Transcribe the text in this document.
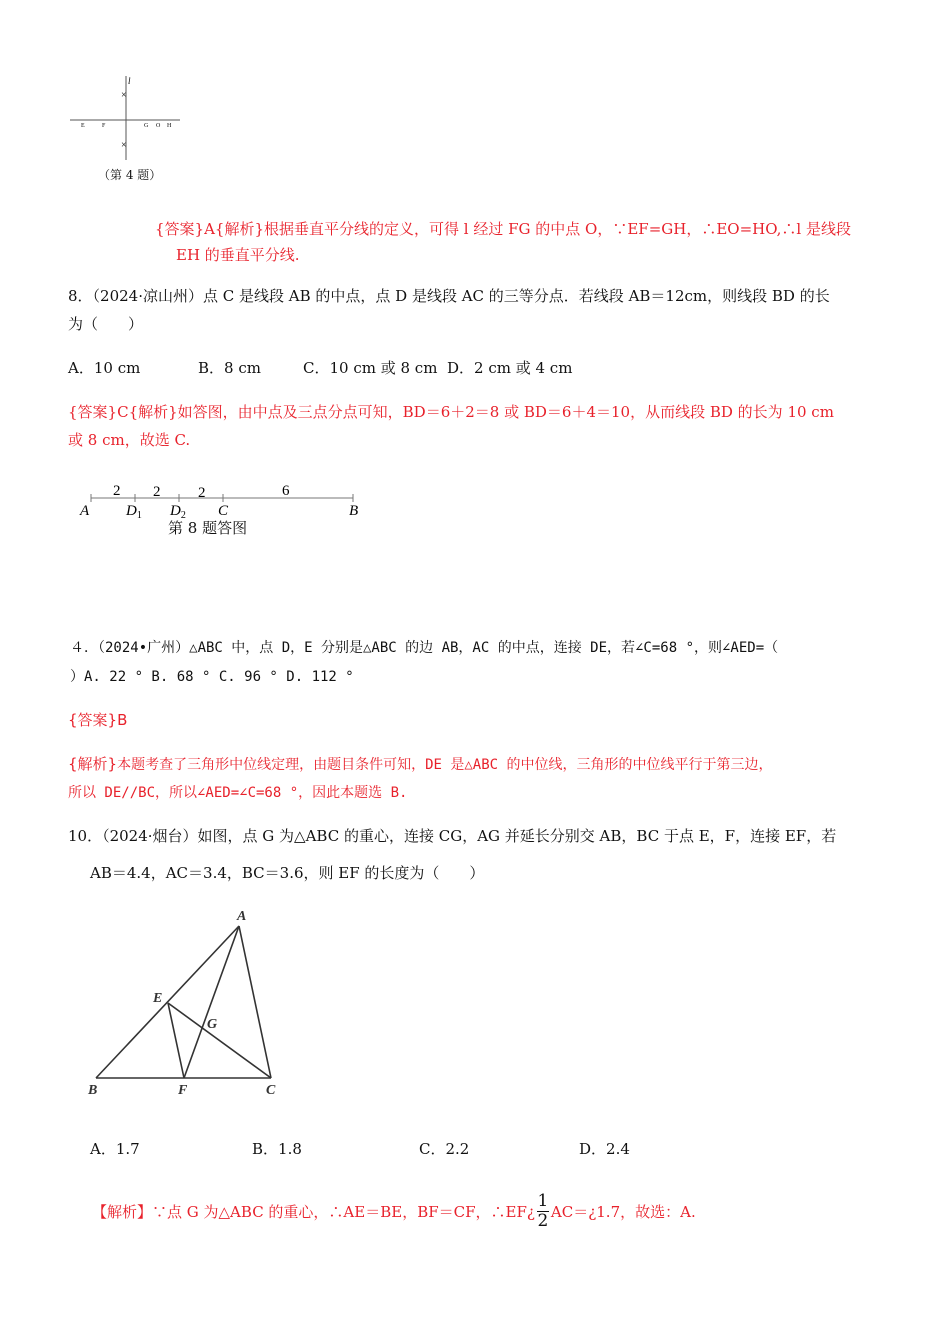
l
×
×
E	F	G O H
（第 4 题）
{答案}A{解析}根据垂直平分线的定义，可得 l 经过 FG 的中点 O，∵EF=GH，∴EO=HO,∴l 是线段
EH 的垂直平分线.
8．（2024·凉山州）点 C 是线段 AB 的中点，点 D 是线段 AC 的三等分点．若线段 AB＝12cm，则线段 BD 的长
为（　　）
A．10 cm	B．8 cm	C．10 cm 或 8 cm D．2 cm 或 4 cm
{答案}C{解析}如答图，由中点及三点分点可知，BD＝6＋2＝8 或 BD＝6＋4＝10，从而线段 BD 的长为 10 cm
或 8 cm，故选 C.
2 2	2	6
A $D_1$ $D_2$ C	B
第 8 题答图
４．（2024•广州）△ABC 中，点 D，E 分别是△ABC 的边 AB，AC 的中点，连接 DE，若∠C=68 °，则∠AED=（
）A. 22 ° B. 68 ° C. 96 ° D. 112 °
{答案}B
{解析}本题考查了三角形中位线定理，由题目条件可知，DE 是△ABC 的中位线，三角形的中位线平行于第三边，
所以 DE//BC，所以∠AED=∠C=68 °，因此本题选 B.
10．（2024·烟台）如图，点 G 为△ABC 的重心，连接 CG，AG 并延长分别交 AB，BC 于点 E，F，连接 EF，若
AB＝4.4，AC＝3.4，BC＝3.6，则 EF 的长度为（　　）
A
B	C
E
F
G
A．1.7	B．1.8	C．2.2	D．2.4
【解析】∵点 G 为△ABC 的重心，∴AE＝BE，BF＝CF，∴EF¿
1
2 AC＝¿1.7，故选：A.
